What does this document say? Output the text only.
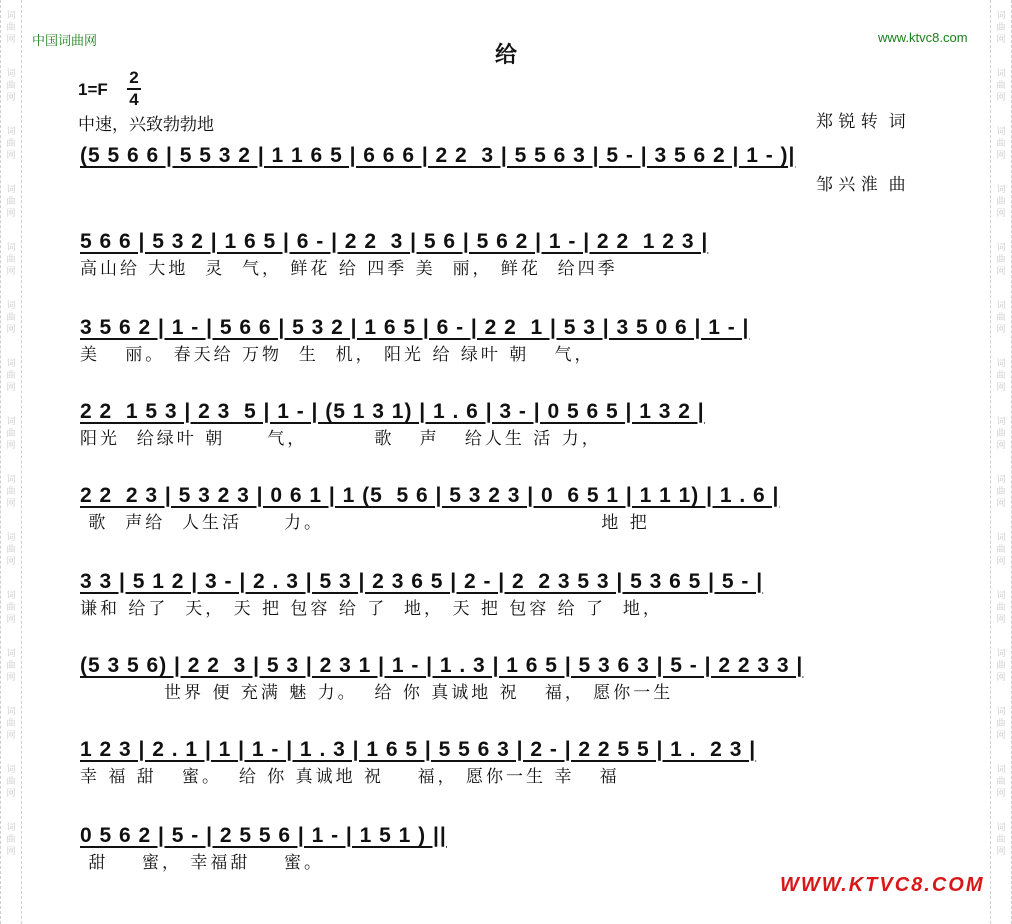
词
曲
网
词
曲
网
词
曲
网
词
曲
网
词
曲
网
词
曲
网
词
曲
网
词
曲
网
词
曲
网
词
曲
网
词
曲
网
词
曲
网
词
曲
网
词
曲
网
词
曲
网
词
曲
网
词
曲
网
词
曲
网
词
曲
网
词
曲
网
词
曲
网
词
曲
网
词
曲
网
词
曲
网
词
曲
网
词
曲
网
词
曲
网
词
曲
网
词
曲
网
词
曲
网
中国词曲网	www.ktvc8.com
给
1=F
2
4
中速，兴致勃勃地

	郑 锐 转  词

邹 兴 淮  曲

(5 5 6 6 | 5 5 3 2 | 1 1 6 5 | 6 6 6 | 2 2  3 | 5 5 6 3 | 5 - | 3 5 6 2 | 1 - )|
5 6 6 | 5 3 2 | 1 6 5 | 6 - | 2 2  3 | 5 6 | 5 6 2 | 1 - | 2 2  1 2 3 |
高山给 大地  灵  气， 鲜花 给 四季 美  丽， 鲜花  给四季
3 5 6 2 | 1 - | 5 6 6 | 5 3 2 | 1 6 5 | 6 - | 2 2  1 | 5 3 | 3 5 0 6 | 1 - |
美   丽。 春天给 万物  生  机， 阳光 给 绿叶 朝   气，
2 2  1 5 3 | 2 3  5 | 1 - | (5 1 3 1) | 1 . 6 | 3 - | 0 5 6 5 | 1 3 2 |
阳光  给绿叶 朝     气，        歌   声   给人生 活 力，
2 2  2 3 | 5 3 2 3 | 0 6 1 | 1 (5  5 6 | 5 3 2 3 | 0  6 5 1 | 1 1 1) | 1 . 6 |
歌  声给  人生活     力。                                 地 把
3 3 | 5 1 2 | 3 - | 2 . 3 | 5 3 | 2 3 6 5 | 2 - | 2  2 3 5 3 | 5 3 6 5 | 5 - |
谦和 给了  天， 天 把 包容 给 了  地， 天 把 包容 给 了  地，
(5 3 5 6) | 2 2  3 | 5 3 | 2 3 1 | 1 - | 1 . 3 | 1 6 5 | 5 3 6 3 | 5 - | 2 2 3 3 |
世界 便 充满 魅 力。  给 你 真诚地 祝   福， 愿你一生
1 2 3 | 2 . 1 | 1 | 1 - | 1 . 3 | 1 6 5 | 5 5 6 3 | 2 - | 2 2 5 5 | 1 .  2 3 |
幸 福 甜   蜜。  给 你 真诚地 祝    福， 愿你一生 幸   福
0 5 6 2 | 5 - | 2 5 5 6 | 1 - | 1 5 1 ) ||
甜    蜜， 幸福甜    蜜。
WWW.KTVC8.COM
